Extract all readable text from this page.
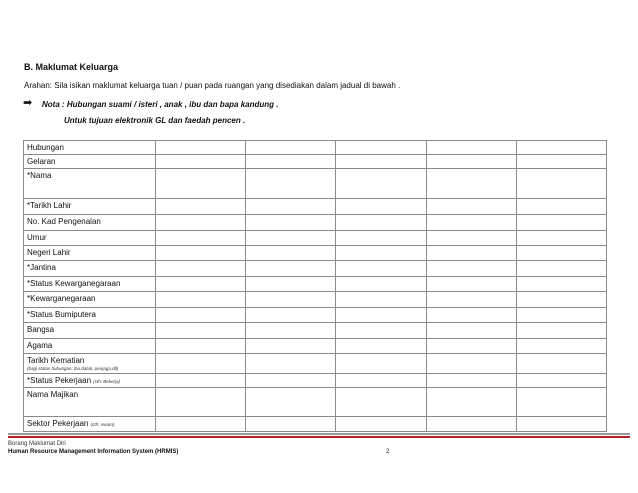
B. Maklumat Keluarga
Arahan: Sila isikan maklumat keluarga tuan / puan pada ruangan yang disediakan dalam jadual di bawah .
➡ Nota : Hubungan suami / isteri , anak , ibu dan bapa kandung .
Untuk tujuan elektronik GL dan faedah pencen .
Hubungan					
Gelaran					
*Nama					
*Tarikh Lahir					
No. Kad Pengenalan					
Umur					
Negeri Lahir					
*Jantina					
*Status Kewarganegaraan					
*Kewarganegaraan					
*Status Bumiputera					
Bangsa					
Agama					
Tarikh Kematian
(bagi status hubungan: ibu,datuk, penjaga,dll)					

*Status Pekerjaan (cth: Bekerja)					
Nama Majikan					
Sektor Pekerjaan (cth: Awam)					
Borang Maklumat Diri
Human Resource Management Information System (HRMIS)	2
